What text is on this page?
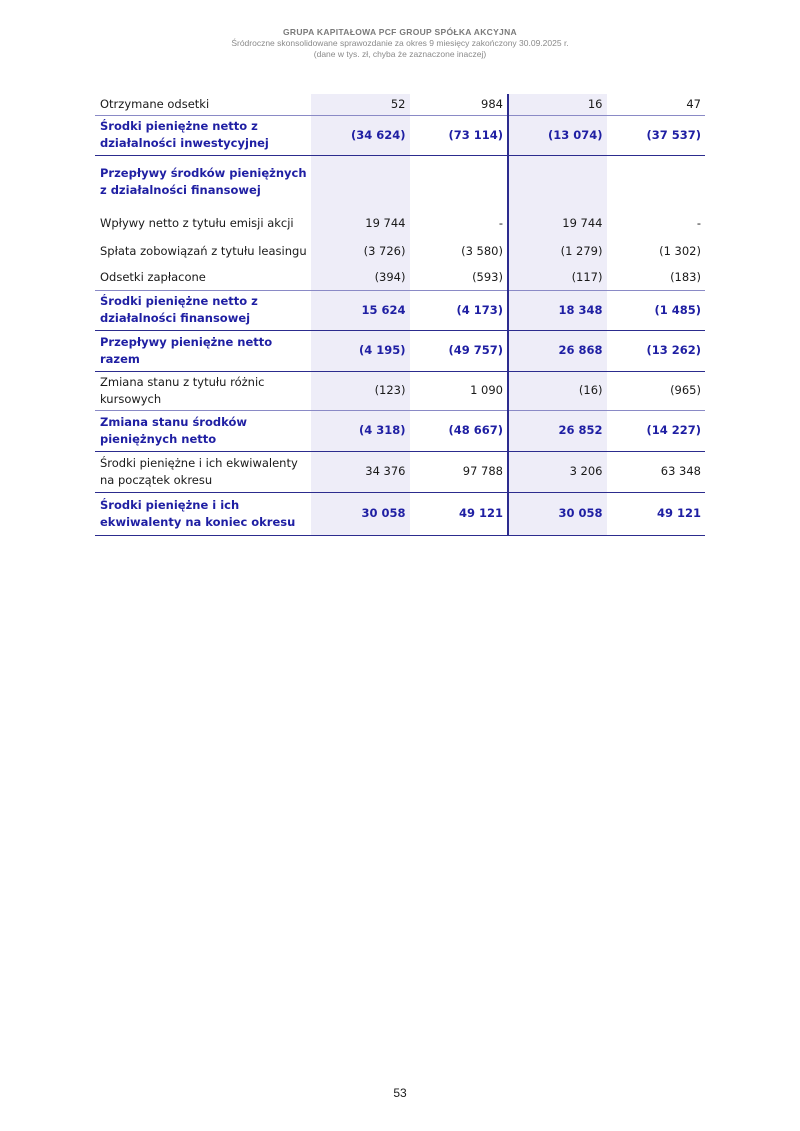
GRUPA KAPITAŁOWA PCF GROUP SPÓŁKA AKCYJNA
Śródroczne skonsolidowane sprawozdanie za okres 9 miesięcy zakończony 30.09.2025 r.
(dane w tys. zł, chyba że zaznaczone inaczej)
Otrzymane odsetki	52	984	16	47
Środki pieniężne netto z działalności inwestycyjnej	(34 624)	(73 114)	(13 074)	(37 537)
Przepływy środków pieniężnych z działalności finansowej				
Wpływy netto z tytułu emisji akcji	19 744	-	19 744	-
Spłata zobowiązań z tytułu leasingu	(3 726)	(3 580)	(1 279)	(1 302)
Odsetki zapłacone	(394)	(593)	(117)	(183)
Środki pieniężne netto z działalności finansowej	15 624	(4 173)	18 348	(1 485)
Przepływy pieniężne netto razem	(4 195)	(49 757)	26 868	(13 262)
Zmiana stanu z tytułu różnic kursowych	(123)	1 090	(16)	(965)
Zmiana stanu środków pieniężnych netto	(4 318)	(48 667)	26 852	(14 227)
Środki pieniężne i ich ekwiwalenty na początek okresu	34 376	97 788	3 206	63 348
Środki pieniężne i ich ekwiwalenty na koniec okresu	30 058	49 121	30 058	49 121
53
